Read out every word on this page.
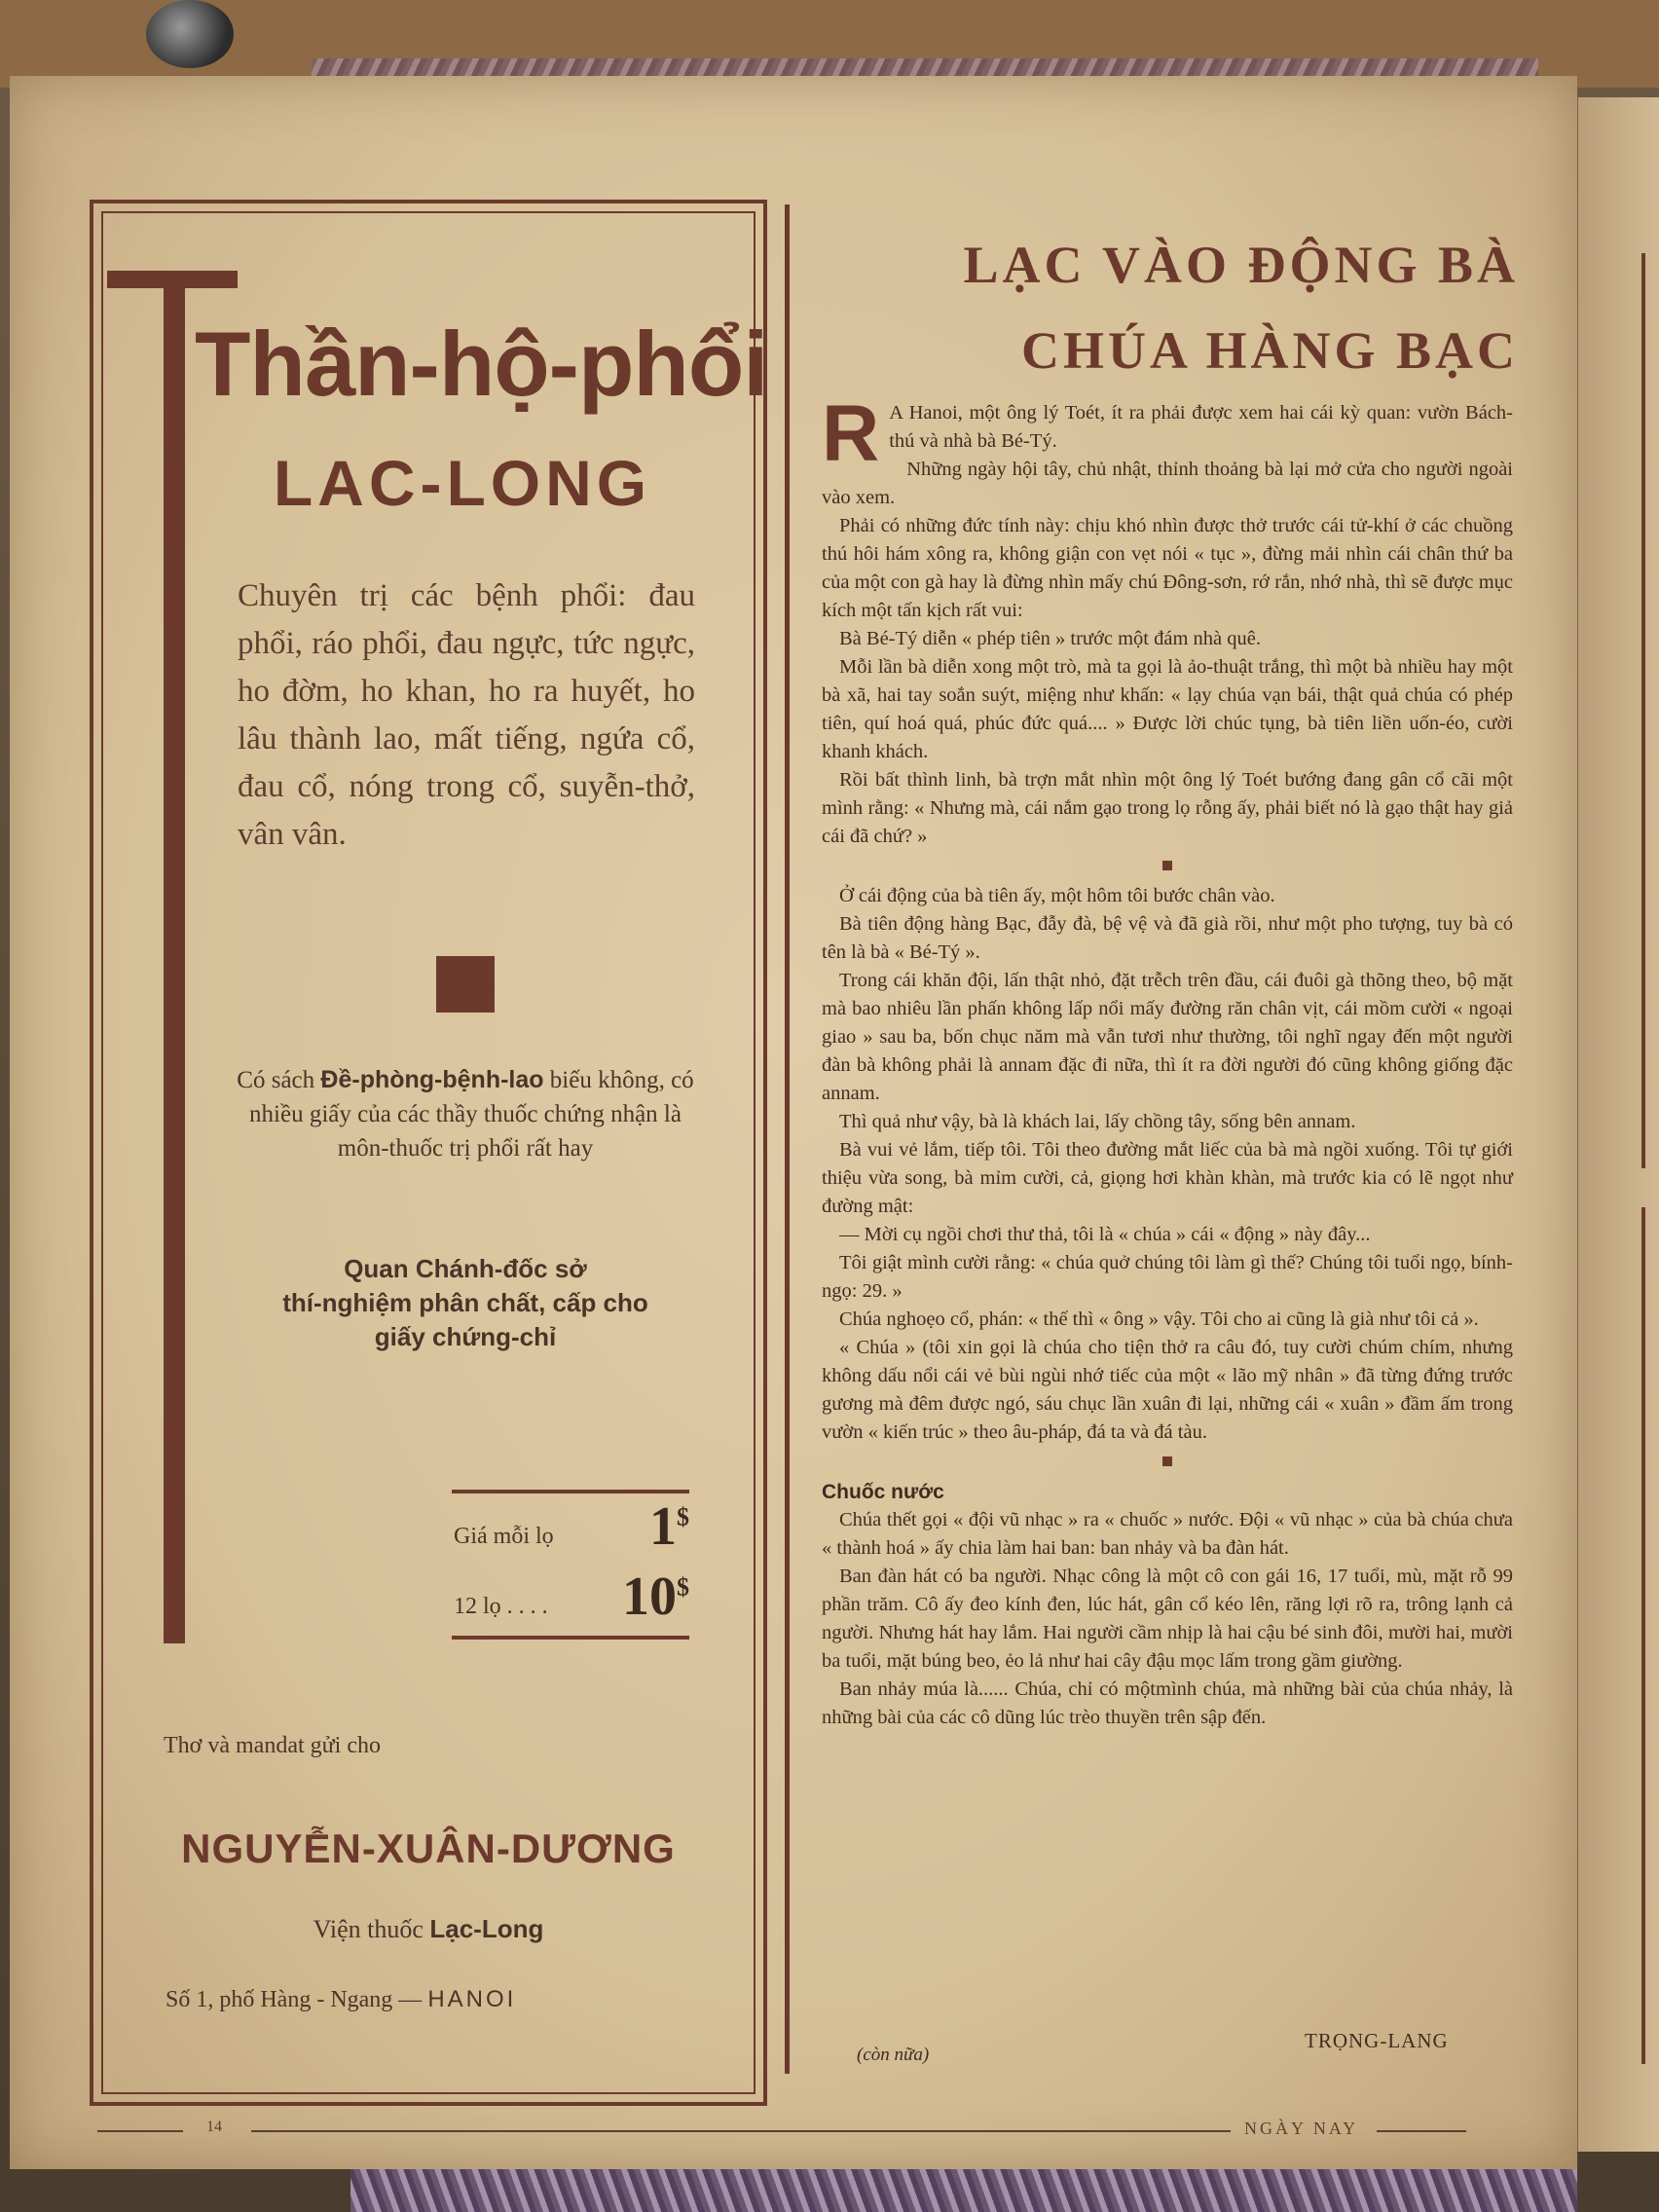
Thần-hộ-phổi
LAC-LONG
Chuyên trị các bệnh phổi: đau phổi, ráo phổi, đau ngực, tức ngực, ho đờm, ho khan, ho ra huyết, ho lâu thành lao, mất tiếng, ngứa cổ, đau cổ, nóng trong cổ, suyễn-thở, vân vân.
Có sách Đề-phòng-bệnh-lao biếu không, có nhiều giấy của các thầy thuốc chứng nhận là môn-thuốc trị phổi rất hay
Quan Chánh-đốc sở
thí-nghiệm phân chất, cấp cho
giấy chứng-chỉ
Giá mỗi lọ 1$
12 lọ . . . . 10$
Thơ và mandat gửi cho
NGUYỄN-XUÂN-DƯƠNG
Viện thuốc Lạc-Long
Số 1, phố Hàng - Ngang — HANOI
LẠC VÀO ĐỘNG BÀ
CHÚA HÀNG BẠC

R A Hanoi, một ông lý Toét, ít ra phải được xem hai cái kỳ quan: vườn Bách-thú và nhà bà Bé-Tý.

Những ngày hội tây, chủ nhật, thỉnh thoảng bà lại mở cửa cho người ngoài vào xem.

Phải có những đức tính này: chịu khó nhìn được thở trước cái tử-khí ở các chuồng thú hôi hám xông ra, không giận con vẹt nói « tục », đừng mải nhìn cái chân thứ ba của một con gà hay là đừng nhìn mấy chú Đông-sơn, rớ rắn, nhớ nhà, thì sẽ được mục kích một tấn kịch rất vui:

Bà Bé-Tý diễn « phép tiên » trước một đám nhà quê.

Mỗi lần bà diễn xong một trò, mà ta gọi là ảo-thuật trắng, thì một bà nhiều hay một bà xã, hai tay soắn suýt, miệng như khấn: « lạy chúa vạn bái, thật quả chúa có phép tiên, quí hoá quá, phúc đức quá.... » Được lời chúc tụng, bà tiên liền uốn-éo, cười khanh khách.

Rồi bất thình linh, bà trợn mắt nhìn một ông lý Toét bướng đang gân cổ cãi một mình rằng: « Nhưng mà, cái nắm gạo trong lọ rỗng ấy, phải biết nó là gạo thật hay giả cái đã chứ? »

Ở cái động của bà tiên ấy, một hôm tôi bước chân vào.

Bà tiên động hàng Bạc, đẫy đà, bệ vệ và đã già rồi, như một pho tượng, tuy bà có tên là bà « Bé-Tý ».

Trong cái khăn đội, lấn thật nhỏ, đặt trễch trên đầu, cái đuôi gà thõng theo, bộ mặt mà bao nhiêu lần phấn không lấp nổi mấy đường răn chân vịt, cái mồm cười « ngoại giao » sau ba, bốn chục năm mà vẫn tươi như thường, tôi nghĩ ngay đến một người đàn bà không phải là annam đặc đi nữa, thì ít ra đời người đó cũng không giống đặc annam.

Thì quả như vậy, bà là khách lai, lấy chồng tây, sống bên annam.

Bà vui vẻ lắm, tiếp tôi. Tôi theo đường mắt liếc của bà mà ngồi xuống. Tôi tự giới thiệu vừa song, bà mỉm cười, cả, giọng hơi khàn khàn, mà trước kia có lẽ ngọt như đường mật:

— Mời cụ ngồi chơi thư thả, tôi là « chúa » cái « động » này đây...

Tôi giật mình cười rằng: « chúa quở chúng tôi làm gì thế? Chúng tôi tuổi ngọ, bính-ngọ: 29. »

Chúa nghoẹo cổ, phán: « thế thì « ông » vậy. Tôi cho ai cũng là già như tôi cả ».

« Chúa » (tôi xin gọi là chúa cho tiện thở ra câu đó, tuy cười chúm chím, nhưng không dấu nổi cái vẻ bùi ngùi nhớ tiếc của một « lão mỹ nhân » đã từng đứng trước gương mà đêm được ngó, sáu chục lần xuân đi lại, những cái « xuân » đầm ấm trong vườn « kiến trúc » theo âu-pháp, đá ta và đá tàu.

Chuốc nước

Chúa thết gọi « đội vũ nhạc » ra « chuốc » nước. Đội « vũ nhạc » của bà chúa chưa « thành hoá » ấy chia làm hai ban: ban nhảy và ba đàn hát.

Ban đàn hát có ba người. Nhạc công là một cô con gái 16, 17 tuổi, mù, mặt rỗ 99 phần trăm. Cô ấy đeo kính đen, lúc hát, gân cổ kéo lên, răng lợi rõ ra, trông lạnh cả người. Nhưng hát hay lắm. Hai người cầm nhịp là hai cậu bé sinh đôi, mười hai, mười ba tuổi, mặt búng beo, ẻo lả như hai cây đậu mọc lấm trong gầm giường.

Ban nhảy múa là...... Chúa, chỉ có mộtmình chúa, mà những bài của chúa nhảy, là những bài của các cô dũng lúc trèo thuyền trên sập đến.

TRỌNG-LANG
(còn nữa)
14	NGÀY NAY
